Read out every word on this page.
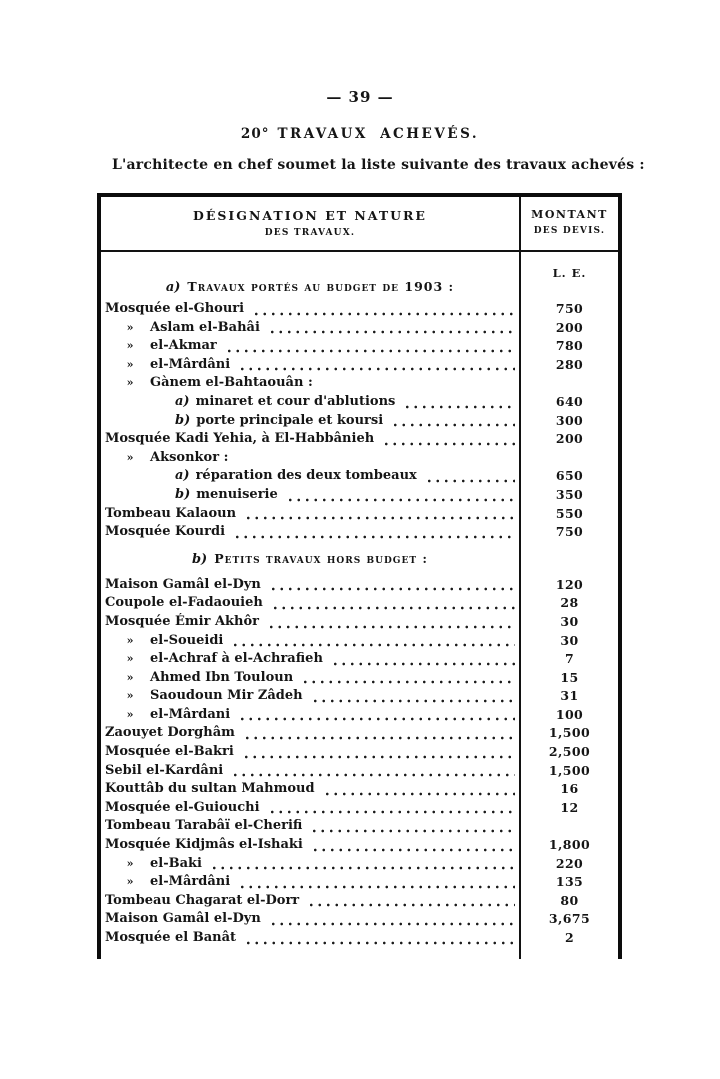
— 39 —
20° TRAVAUX ACHEVÉS.
L'architecte en chef soumet la liste suivante des travaux achevés :
DÉSIGNATION ET NATURE
DES TRAVAUX.
MONTANT
DES DEVIS.
a) Travaux portés au budget de 1903 :
L. E.
Mosquée el-Ghouri	750
»	Aslam el-Bahâi	200
»	el-Akmar	780
»	el-Mârdâni	280
»	Gànem el-Bahtaouân :
a) minaret et cour d'ablutions	640
b) porte principale et koursi	300
Mosquée Kadi Yehia, à El-Habbânieh	200
»	Aksonkor :
a) réparation des deux tombeaux	650
b) menuiserie	350
Tombeau Kalaoun	550
Mosquée Kourdi	750
b) Petits travaux hors budget :
Maison Gamâl el-Dyn	120
Coupole el-Fadaouieh	28
Mosquée Émir Akhôr	30
»	el-Soueidi	30
»	el-Achraf à el-Achrafieh	7
»	Ahmed Ibn Touloun	15
»	Saoudoun Mir Zâdeh	31
»	el-Mârdani	100
Zaouyet Dorghâm	1,500
Mosquée el-Bakri	2,500
Sebil el-Kardâni	1,500
Kouttâb du sultan Mahmoud	16
Mosquée el-Guiouchi	12
Tombeau Tarabâï el-Cherifi
Mosquée Kidjmâs el-Ishaki	1,800
»	el-Baki	220
»	el-Mârdâni	135
Tombeau Chagarat el-Dorr	80
Maison Gamâl el-Dyn	3,675
Mosquée el Banât	2
